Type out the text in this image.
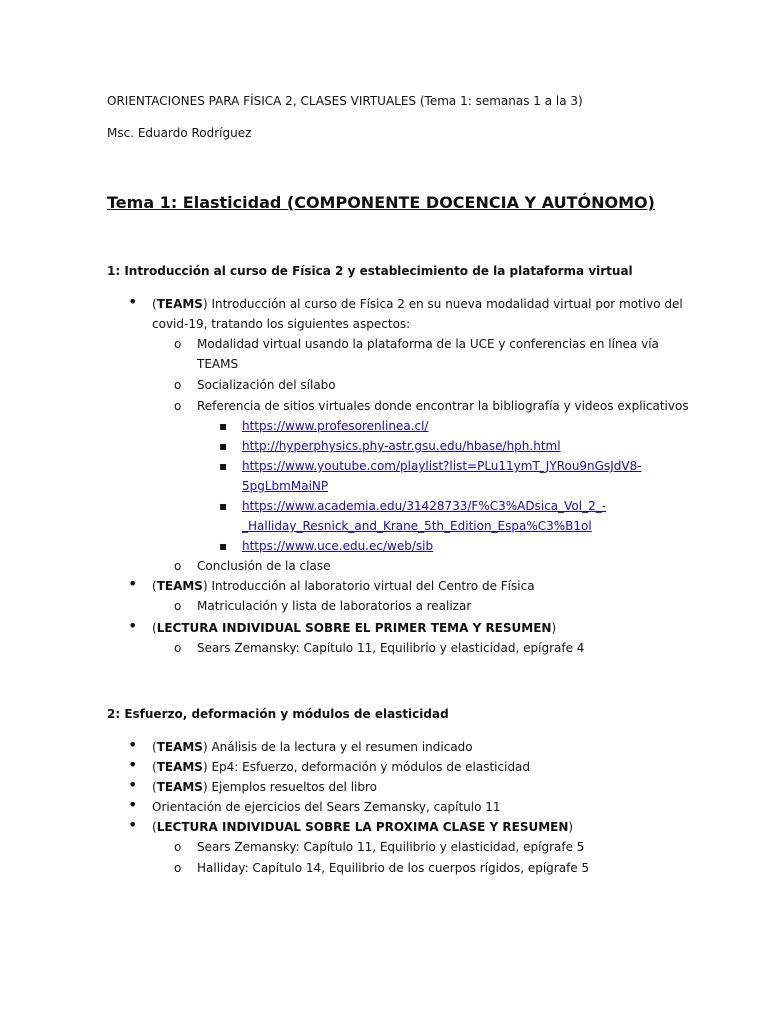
ORIENTACIONES PARA FÍSICA 2, CLASES VIRTUALES (Tema 1: semanas 1 a la 3)
Msc. Eduardo Rodríguez
Tema 1: Elasticidad (COMPONENTE DOCENCIA Y AUTÓNOMO)
1: Introducción al curso de Física 2 y establecimiento de la plataforma virtual
•
(TEAMS) Introducción al curso de Física 2 en su nueva modalidad virtual por motivo del
covid-19, tratando los siguientes aspectos:
o
Modalidad virtual usando la plataforma de la UCE y conferencias en línea vía
TEAMS
o
Socialización del sílabo
o
Referencia de sitios virtuales donde encontrar la bibliografía y videos explicativos
▪
https://www.profesorenlinea.cl/
▪
http://hyperphysics.phy-astr.gsu.edu/hbase/hph.html
▪
https://www.youtube.com/playlist?list=PLu11ymT_JYRou9nGsJdV8-
5pgLbmMaiNP
▪
https://www.academia.edu/31428733/F%C3%ADsica_Vol_2_-
_Halliday_Resnick_and_Krane_5th_Edition_Espa%C3%B1ol
▪
https://www.uce.edu.ec/web/sib
o
Conclusión de la clase
•
(TEAMS) Introducción al laboratorio virtual del Centro de Física
o
Matriculación y lista de laboratorios a realizar
•
(LECTURA INDIVIDUAL SOBRE EL PRIMER TEMA Y RESUMEN)
o
Sears Zemansky: Capítulo 11, Equilibrio y elasticidad, epígrafe 4
2: Esfuerzo, deformación y módulos de elasticidad
•
(TEAMS) Análisis de la lectura y el resumen indicado
•
(TEAMS) Ep4: Esfuerzo, deformación y módulos de elasticidad
•
(TEAMS) Ejemplos resueltos del libro
•
Orientación de ejercicios del Sears Zemansky, capítulo 11
•
(LECTURA INDIVIDUAL SOBRE LA PROXIMA CLASE Y RESUMEN)
o
Sears Zemansky: Capítulo 11, Equilibrio y elasticidad, epígrafe 5
o
Halliday: Capítulo 14, Equilibrio de los cuerpos rígidos, epígrafe 5
